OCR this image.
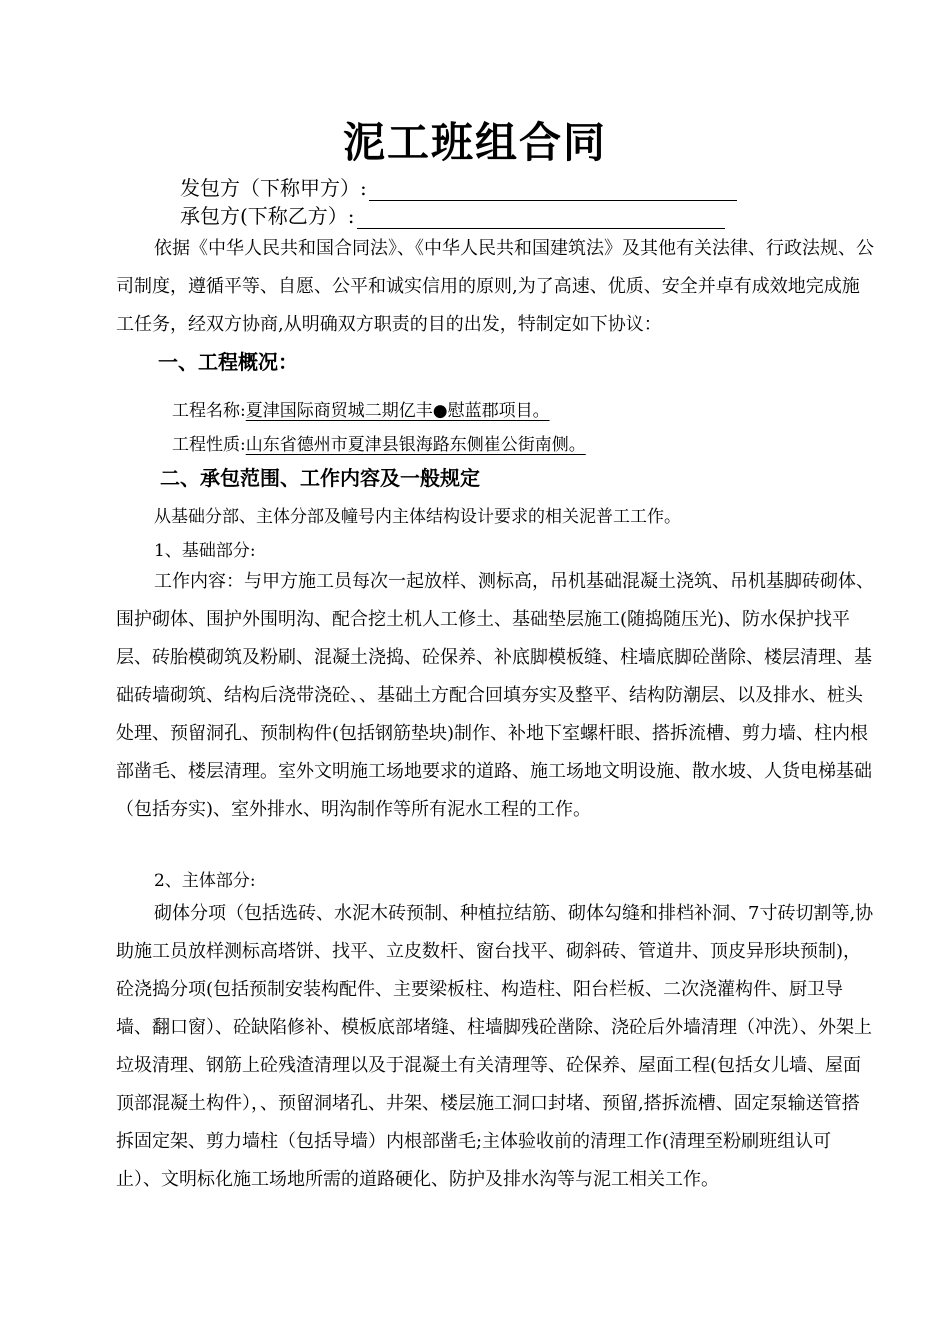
泥工班组合同
发包方（下称甲方）:
承包方(下称乙方）:
依据《中华人民共和国合同法》、《中华人民共和国建筑法》及其他有关法律、行政法规、公司制度，遵循平等、自愿、公平和诚实信用的原则,为了高速、优质、安全并卓有成效地完成施工任务，经双方协商,从明确双方职责的目的出发，特制定如下协议：
一、工程概况：
工程名称:夏津国际商贸城二期亿丰●慰蓝郡项目。
工程性质:山东省德州市夏津县银海路东侧崔公街南侧。
二、承包范围、工作内容及一般规定
从基础分部、主体分部及幢号内主体结构设计要求的相关泥普工工作。
1、基础部分:
工作内容：与甲方施工员每次一起放样、测标高，吊机基础混凝土浇筑、吊机基脚砖砌体、围护砌体、围护外围明沟、配合挖土机人工修土、基础垫层施工(随捣随压光)、防水保护找平层、砖胎模砌筑及粉刷、混凝土浇捣、砼保养、补底脚模板缝、柱墙底脚砼凿除、楼层清理、基础砖墙砌筑、结构后浇带浇砼、、基础土方配合回填夯实及整平、结构防潮层、以及排水、桩头处理、预留洞孔、预制构件(包括钢筋垫块)制作、补地下室螺杆眼、搭拆流槽、剪力墙、柱内根部凿毛、楼层清理。室外文明施工场地要求的道路、施工场地文明设施、散水坡、人货电梯基础（包括夯实)、室外排水、明沟制作等所有泥水工程的工作。
2、主体部分:
砌体分项（包括选砖、水泥木砖预制、种植拉结筋、砌体勾缝和排档补洞、7寸砖切割等,协助施工员放样测标高塔饼、找平、立皮数杆、窗台找平、砌斜砖、管道井、顶皮异形块预制)，砼浇捣分项(包括预制安装构配件、主要梁板柱、构造柱、阳台栏板、二次浇灌构件、厨卫导墙、翻口窗）、砼缺陷修补、模板底部堵缝、柱墙脚残砼凿除、浇砼后外墙清理（冲洗）、外架上垃圾清理、钢筋上砼残渣清理以及于混凝土有关清理等、砼保养、屋面工程(包括女儿墙、屋面顶部混凝土构件），、预留洞堵孔、井架、楼层施工洞口封堵、预留,搭拆流槽、固定泵输送管搭拆固定架、剪力墙柱（包括导墙）内根部凿毛;主体验收前的清理工作(清理至粉刷班组认可止）、文明标化施工场地所需的道路硬化、防护及排水沟等与泥工相关工作。
